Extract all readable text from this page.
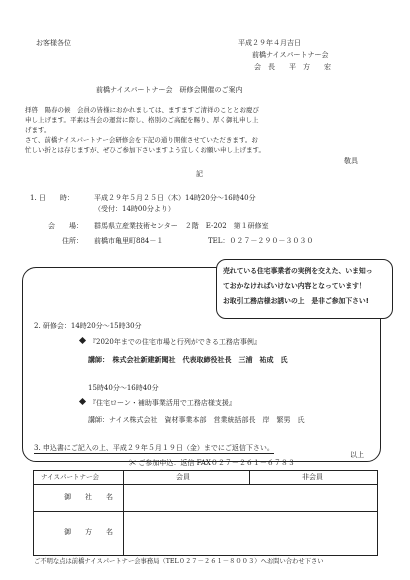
お客様各位	平成２９年４月吉日
前橋ナイスパートナー会
会　長　　平　方　　宏
前橋ナイスパートナー会　研修会開催のご案内
拝啓　陽春の候　会員の皆様におかれましては、ますますご清祥のこととお慶び
申し上げます。平素は当会の運営に際し、格別のご高配を賜り、厚く御礼申し上
げます。
さて、前橋ナイスパートナー会研修会を下記の通り開催させていただきます。お
忙しい折とは存じますが、ぜひご参加下さいますよう宜しくお願い申し上げます。
敬具
記
1. 日　　時：	平成２９年５月２５日（木）14時20分～16時40分
（受付：14時00分より）
会　　場： 群馬県立産業技術センター　２階　E-202　第１研修室
住所： 前橋市亀里町884－１	TEL：０２７－２９０－３０３０
売れている住宅事業者の実例を交えた、いま知っ
ておかなければいけない内容となっています！
お取引工務店様お誘いの上　是非ご参加下さい!
2. 研修会：14時20分～15時30分
『2020年までの住宅市場と行列ができる工務店事例』
講師：　株式会社新建新聞社　代表取締役社長　三浦　祐成　氏
15時40分～16時40分
『住宅ローン・補助事業活用で工務店様支援』
講師：ナイス株式会社　資材事業本部　営業統括部長　岸　繁男　氏
3. 申込書にご記入の上、平成２９年５月１９日（金）までにご返信下さい。
以上
✂ ご参加申込：返信 FAX０２７－２６１－６７８３
ナイスパートナー会	会員	非会員
御　　社　　名
御　　方　　名
ご不明な点は前橋ナイスパートナー会事務局（TEL０２７－２６１－８００３）へお問い合わせ下さい
